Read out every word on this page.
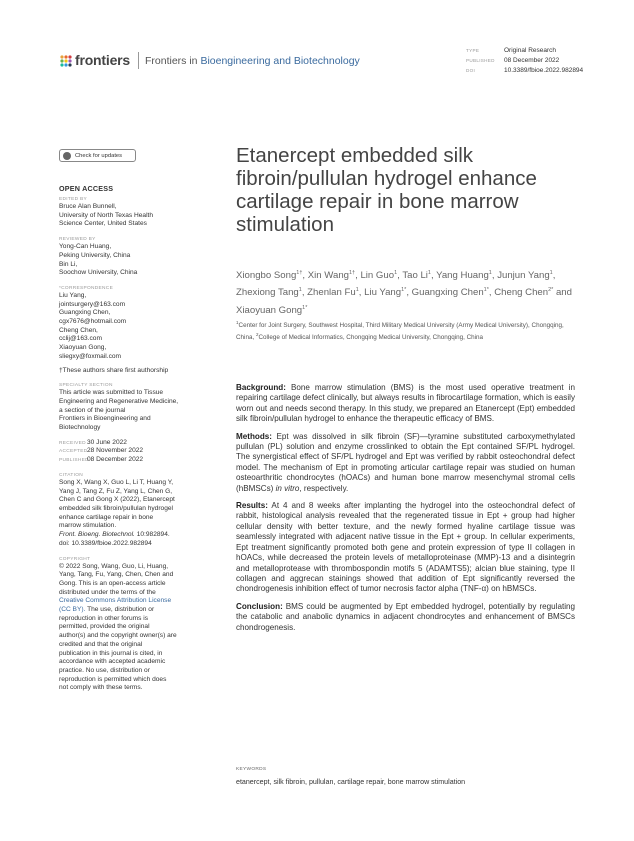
frontiers Frontiers in Bioengineering and Biotechnology
TYPE	Original Research
PUBLISHED 08 December 2022
DOI	10.3389/fbioe.2022.982894
Check for updates
OPEN ACCESS
EDITED BY
Bruce Alan Bunnell,
University of North Texas Health
Science Center, United States
REVIEWED BY
Yong-Can Huang,
Peking University, China
Bin Li,
Soochow University, China
*CORRESPONDENCE
Liu Yang,
jointsurgery@163.com
Guangxing Chen,
cgx7676@hotmail.com
Cheng Chen,
cclij@163.com
Xiaoyuan Gong,
sliegxy@foxmail.com
†These authors share first authorship
SPECIALTY SECTION
This article was submitted to Tissue
Engineering and Regenerative Medicine,
a section of the journal
Frontiers in Bioengineering and
Biotechnology
RECEIVED30 June 2022
ACCEPTED28 November 2022
PUBLISHED08 December 2022
CITATION
Song X, Wang X, Guo L, Li T, Huang Y,
Yang J, Tang Z, Fu Z, Yang L, Chen G,
Chen C and Gong X (2022), Etanercept
embedded silk fibroin/pullulan hydrogel
enhance cartilage repair in bone
marrow stimulation.
Front. Bioeng. Biotechnol. 10:982894.
doi: 10.3389/fbioe.2022.982894
COPYRIGHT
© 2022 Song, Wang, Guo, Li, Huang,
Yang, Tang, Fu, Yang, Chen, Chen and
Gong. This is an open-access article
distributed under the terms of the
Creative Commons Attribution License
(CC BY). The use, distribution or
reproduction in other forums is
permitted, provided the original
author(s) and the copyright owner(s) are
credited and that the original
publication in this journal is cited, in
accordance with accepted academic
practice. No use, distribution or
reproduction is permitted which does
not comply with these terms.
Etanercept embedded silk fibroin/pullulan hydrogel enhance cartilage repair in bone marrow stimulation
Xiongbo Song$^{1\dagger}$, Xin Wang$^{1\dagger}$, Lin Guo$^1$, Tao Li$^1$, Yang Huang$^1$, Junjun Yang$^1$, Zhexiong Tang$^1$, Zhenlan Fu$^1$, Liu Yang$^{1*}$, Guangxing Chen$^{1*}$, Cheng Chen$^{2*}$ and Xiaoyuan Gong$^{1*}$
$^1$Center for Joint Surgery, Southwest Hospital, Third Military Medical University (Army Medical University), Chongqing, China, $^2$College of Medical Informatics, Chongqing Medical University, Chongqing, China

Background: Bone marrow stimulation (BMS) is the most used operative treatment in repairing cartilage defect clinically, but always results in fibrocartilage formation, which is easily worn out and needs second therapy. In this study, we prepared an Etanercept (Ept) embedded silk fibroin/pullulan hydrogel to enhance the therapeutic efficacy of BMS.

Methods: Ept was dissolved in silk fibroin (SF)—tyramine substituted carboxymethylated pullulan (PL) solution and enzyme crosslinked to obtain the Ept contained SF/PL hydrogel. The synergistical effect of SF/PL hydrogel and Ept was verified by rabbit osteochondral defect model. The mechanism of Ept in promoting articular cartilage repair was studied on human osteoarthritic chondrocytes (hOACs) and human bone marrow mesenchymal stromal cells (hBMSCs) in vitro, respectively.

Results: At 4 and 8 weeks after implanting the hydrogel into the osteochondral defect of rabbit, histological analysis revealed that the regenerated tissue in Ept + group had higher cellular density with better texture, and the newly formed hyaline cartilage tissue was seamlessly integrated with adjacent native tissue in the Ept + group. In cellular experiments, Ept treatment significantly promoted both gene and protein expression of type II collagen in hOACs, while decreased the protein levels of metalloproteinase (MMP)-13 and a disintegrin and metalloprotease with thrombospondin motifs 5 (ADAMTS5); alcian blue staining, type II collagen and aggrecan stainings showed that addition of Ept significantly reversed the chondrogenesis inhibition effect of tumor necrosis factor alpha (TNF-α) on hBMSCs.

Conclusion: BMS could be augmented by Ept embedded hydrogel, potentially by regulating the catabolic and anabolic dynamics in adjacent chondrocytes and enhancement of BMSCs chondrogenesis.

KEYWORDS
etanercept, silk fibroin, pullulan, cartilage repair, bone marrow stimulation
